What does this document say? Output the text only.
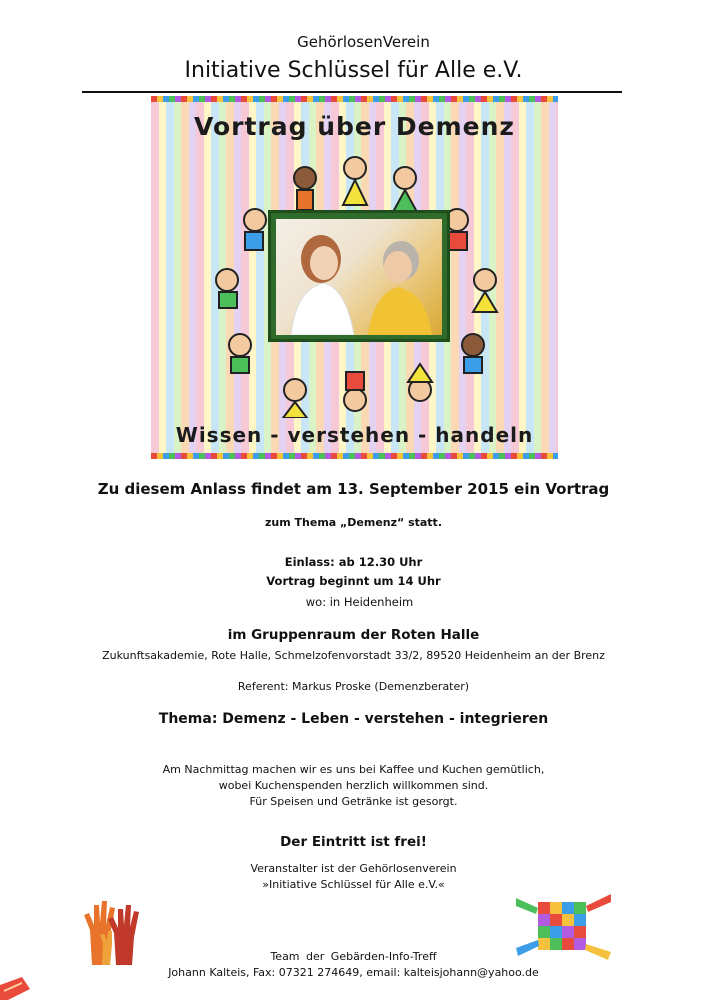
GehörlosenVerein
Initiative Schlüssel für Alle e.V.
Vortrag über Demenz
Wissen - verstehen - handeln
Zu diesem Anlass findet am 13. September 2015 ein Vortrag
zum Thema „Demenz“ statt.
Einlass: ab 12.30 Uhr
Vortrag beginnt um 14 Uhr
wo: in Heidenheim
im Gruppenraum der Roten Halle
Zukunftsakademie, Rote Halle, Schmelzofenvorstadt 33/2, 89520 Heidenheim an der Brenz
Referent: Markus Proske (Demenzberater)
Thema: Demenz - Leben - verstehen - integrieren
Am Nachmittag machen wir es uns bei Kaffee und Kuchen gemütlich,
wobei Kuchenspenden herzlich willkommen sind.
Für Speisen und Getränke ist gesorgt.
Der Eintritt ist frei!
Veranstalter ist der Gehörlosenverein
»Initiative Schlüssel für Alle e.V.«
Team der Gebärden-Info-Treff
Johann Kalteis, Fax: 07321 274649, email: kalteisjohann@yahoo.de
